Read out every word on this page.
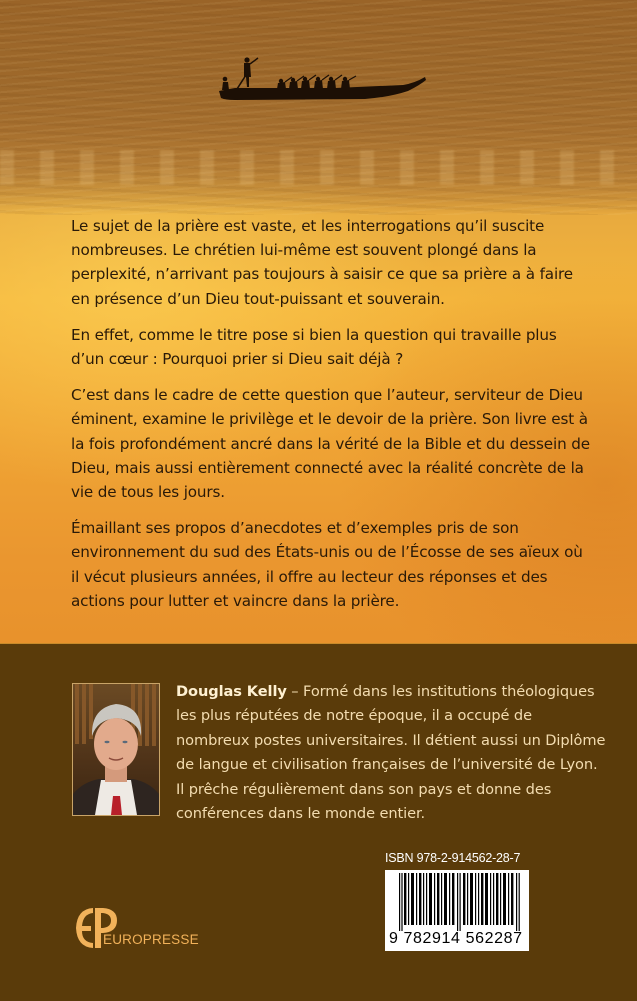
Le sujet de la prière est vaste, et les interrogations qu’il suscite nombreuses. Le chrétien lui-même est souvent plongé dans la perplexité, n’arrivant pas toujours à saisir ce que sa prière a à faire en présence d’un Dieu tout-puissant et souverain.

En effet, comme le titre pose si bien la question qui travaille plus d’un cœur : Pourquoi prier si Dieu sait déjà ?

C’est dans le cadre de cette question que l’auteur, serviteur de Dieu éminent, examine le privilège et le devoir de la prière. Son livre est à la fois profondément ancré dans la vérité de la Bible et du dessein de Dieu, mais aussi entièrement connecté avec la réalité concrète de la vie de tous les jours.

Émaillant ses propos d’anecdotes et d’exemples pris de son environnement du sud des États-unis ou de l’Écosse de ses aïeux où il vécut plusieurs années, il offre au lecteur des réponses et des actions pour lutter et vaincre dans la prière.

Douglas Kelly – Formé dans les institutions théologiques les plus réputées de notre époque, il a occupé de nombreux postes universitaires. Il détient aussi un Diplôme de langue et civilisation françaises de l’université de Lyon. Il prêche régulièrement dans son pays et donne des conférences dans le monde entier.
ISBN 978-2-914562-28-7
9 782914 562287
EUROPRESSE
